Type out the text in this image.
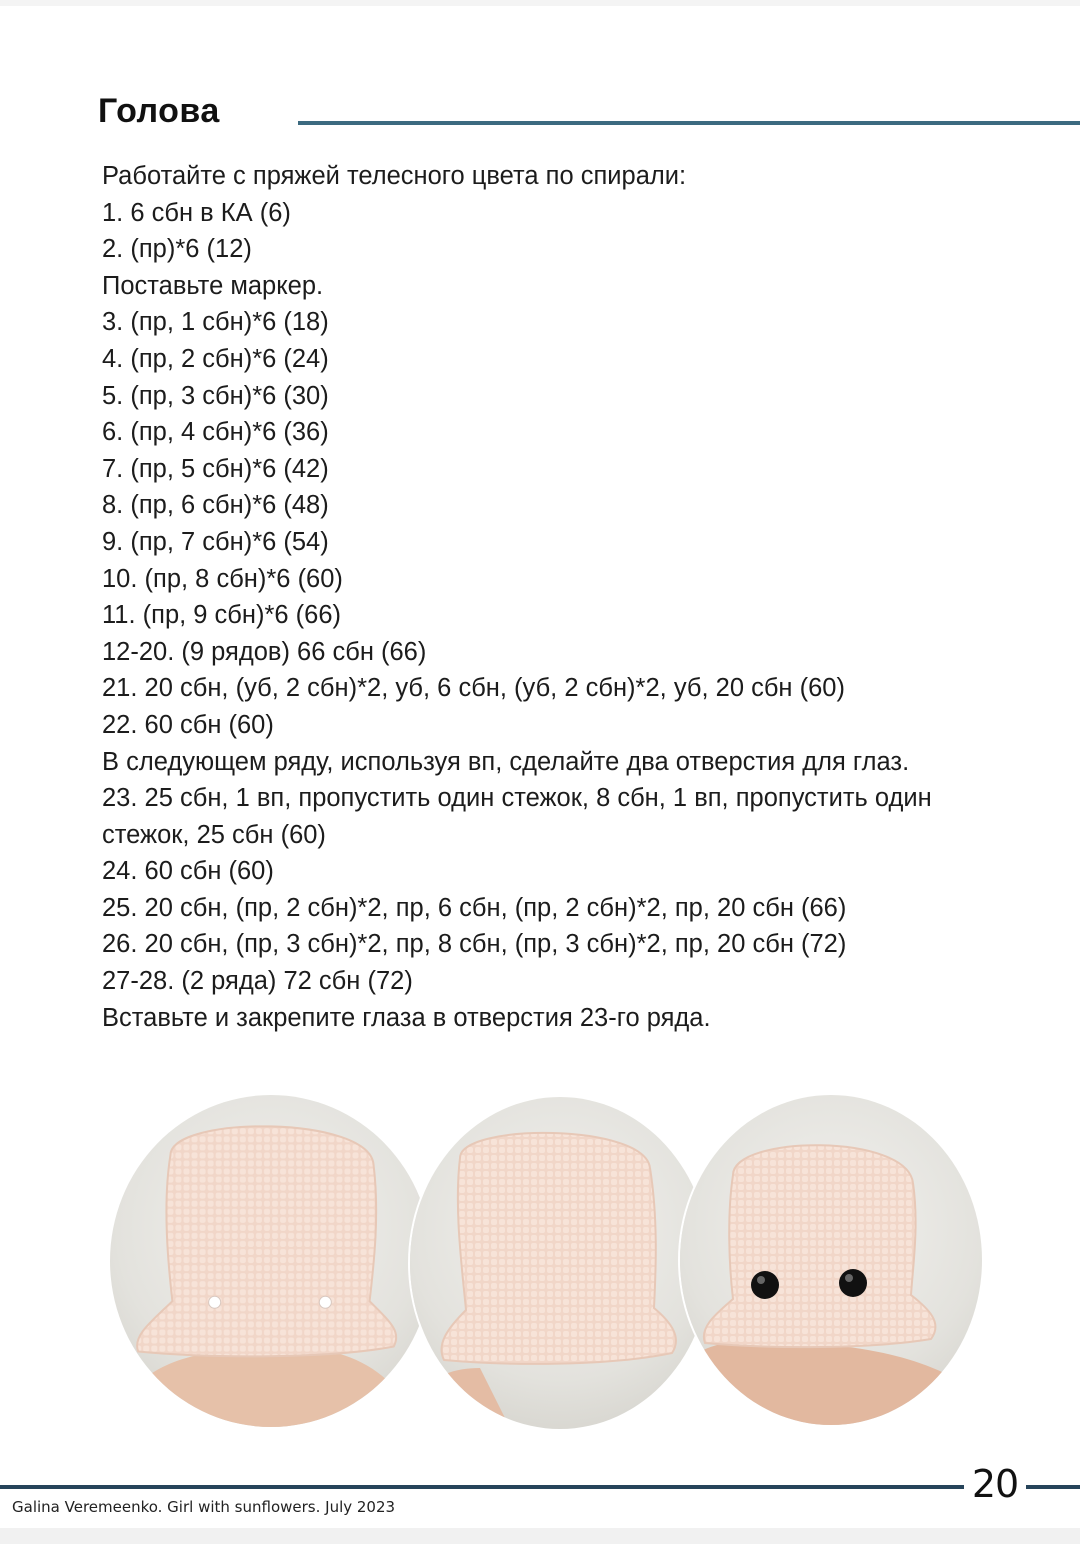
Голова
Работайте с пряжей телесного цвета по спирали:
1. 6 сбн в КА (6)
2. (пр)*6 (12)
Поставьте маркер.
3. (пр, 1 сбн)*6 (18)
4. (пр, 2 сбн)*6 (24)
5. (пр, 3 сбн)*6 (30)
6. (пр, 4 сбн)*6 (36)
7. (пр, 5 сбн)*6 (42)
8. (пр, 6 сбн)*6 (48)
9. (пр, 7 сбн)*6 (54)
10. (пр, 8 сбн)*6 (60)
11. (пр, 9 сбн)*6 (66)
12-20. (9 рядов) 66 сбн (66)
21. 20 сбн, (уб, 2 сбн)*2, уб, 6 сбн, (уб, 2 сбн)*2, уб, 20 сбн (60)
22. 60 сбн (60)
В следующем ряду, используя вп, сделайте два отверстия для глаз.
23. 25 сбн, 1 вп, пропустить один стежок, 8 сбн, 1 вп, пропустить один стежок, 25 сбн (60)
24. 60 сбн (60)
25. 20 сбн, (пр, 2 сбн)*2, пр, 6 сбн, (пр, 2 сбн)*2, пр, 20 сбн (66)
26. 20 сбн, (пр, 3 сбн)*2, пр, 8 сбн, (пр, 3 сбн)*2, пр, 20 сбн (72)
27-28. (2 ряда) 72 сбн (72)
Вставьте и закрепите глаза в отверстия 23-го ряда.
20
Galina Veremeenko. Girl with sunflowers. July 2023
